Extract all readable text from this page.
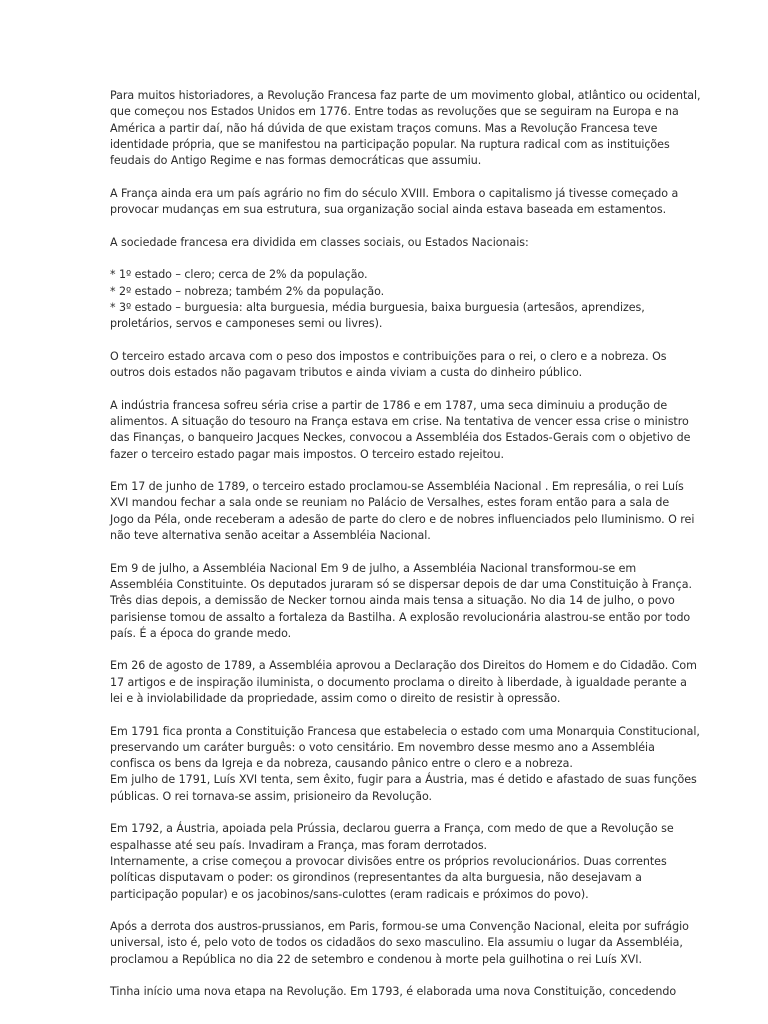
Para muitos historiadores, a Revolução Francesa faz parte de um movimento global, atlântico ou ocidental,
que começou nos Estados Unidos em 1776. Entre todas as revoluções que se seguiram na Europa e na
América a partir daí, não há dúvida de que existam traços comuns. Mas a Revolução Francesa teve
identidade própria, que se manifestou na participação popular. Na ruptura radical com as instituições
feudais do Antigo Regime e nas formas democráticas que assumiu.

A França ainda era um país agrário no fim do século XVIII. Embora o capitalismo já tivesse começado a
provocar mudanças em sua estrutura, sua organização social ainda estava baseada em estamentos.

A sociedade francesa era dividida em classes sociais, ou Estados Nacionais:

* 1º estado – clero; cerca de 2% da população.
* 2º estado – nobreza; também 2% da população.
* 3º estado – burguesia: alta burguesia, média burguesia, baixa burguesia (artesãos, aprendizes,
proletários, servos e camponeses semi ou livres).

O terceiro estado arcava com o peso dos impostos e contribuições para o rei, o clero e a nobreza. Os
outros dois estados não pagavam tributos e ainda viviam a custa do dinheiro público.

A indústria francesa sofreu séria crise a partir de 1786 e em 1787, uma seca diminuiu a produção de
alimentos. A situação do tesouro na França estava em crise. Na tentativa de vencer essa crise o ministro
das Finanças, o banqueiro Jacques Neckes, convocou a Assembléia dos Estados-Gerais com o objetivo de
fazer o terceiro estado pagar mais impostos. O terceiro estado rejeitou.

Em 17 de junho de 1789, o terceiro estado proclamou-se Assembléia Nacional . Em represália, o rei Luís
XVI mandou fechar a sala onde se reuniam no Palácio de Versalhes, estes foram então para a sala de
Jogo da Péla, onde receberam a adesão de parte do clero e de nobres influenciados pelo Iluminismo. O rei
não teve alternativa senão aceitar a Assembléia Nacional.

Em 9 de julho, a Assembléia Nacional Em 9 de julho, a Assembléia Nacional transformou-se em
Assembléia Constituinte. Os deputados juraram só se dispersar depois de dar uma Constituição à França.
Três dias depois, a demissão de Necker tornou ainda mais tensa a situação. No dia 14 de julho, o povo
parisiense tomou de assalto a fortaleza da Bastilha. A explosão revolucionária alastrou-se então por todo
país. É a época do grande medo.

Em 26 de agosto de 1789, a Assembléia aprovou a Declaração dos Direitos do Homem e do Cidadão. Com
17 artigos e de inspiração iluminista, o documento proclama o direito à liberdade, à igualdade perante a
lei e à inviolabilidade da propriedade, assim como o direito de resistir à opressão.

Em 1791 fica pronta a Constituição Francesa que estabelecia o estado com uma Monarquia Constitucional,
preservando um caráter burguês: o voto censitário. Em novembro desse mesmo ano a Assembléia
confisca os bens da Igreja e da nobreza, causando pânico entre o clero e a nobreza.
Em julho de 1791, Luís XVI tenta, sem êxito, fugir para a Áustria, mas é detido e afastado de suas funções
públicas. O rei tornava-se assim, prisioneiro da Revolução.

Em 1792, a Áustria, apoiada pela Prússia, declarou guerra a França, com medo de que a Revolução se
espalhasse até seu país. Invadiram a França, mas foram derrotados.
Internamente, a crise começou a provocar divisões entre os próprios revolucionários. Duas correntes
políticas disputavam o poder: os girondinos (representantes da alta burguesia, não desejavam a
participação popular) e os jacobinos/sans-culottes (eram radicais e próximos do povo).

Após a derrota dos austros-prussianos, em Paris, formou-se uma Convenção Nacional, eleita por sufrágio
universal, isto é, pelo voto de todos os cidadãos do sexo masculino. Ela assumiu o lugar da Assembléia,
proclamou a República no dia 22 de setembro e condenou à morte pela guilhotina o rei Luís XVI.

Tinha início uma nova etapa na Revolução. Em 1793, é elaborada uma nova Constituição, concedendo
